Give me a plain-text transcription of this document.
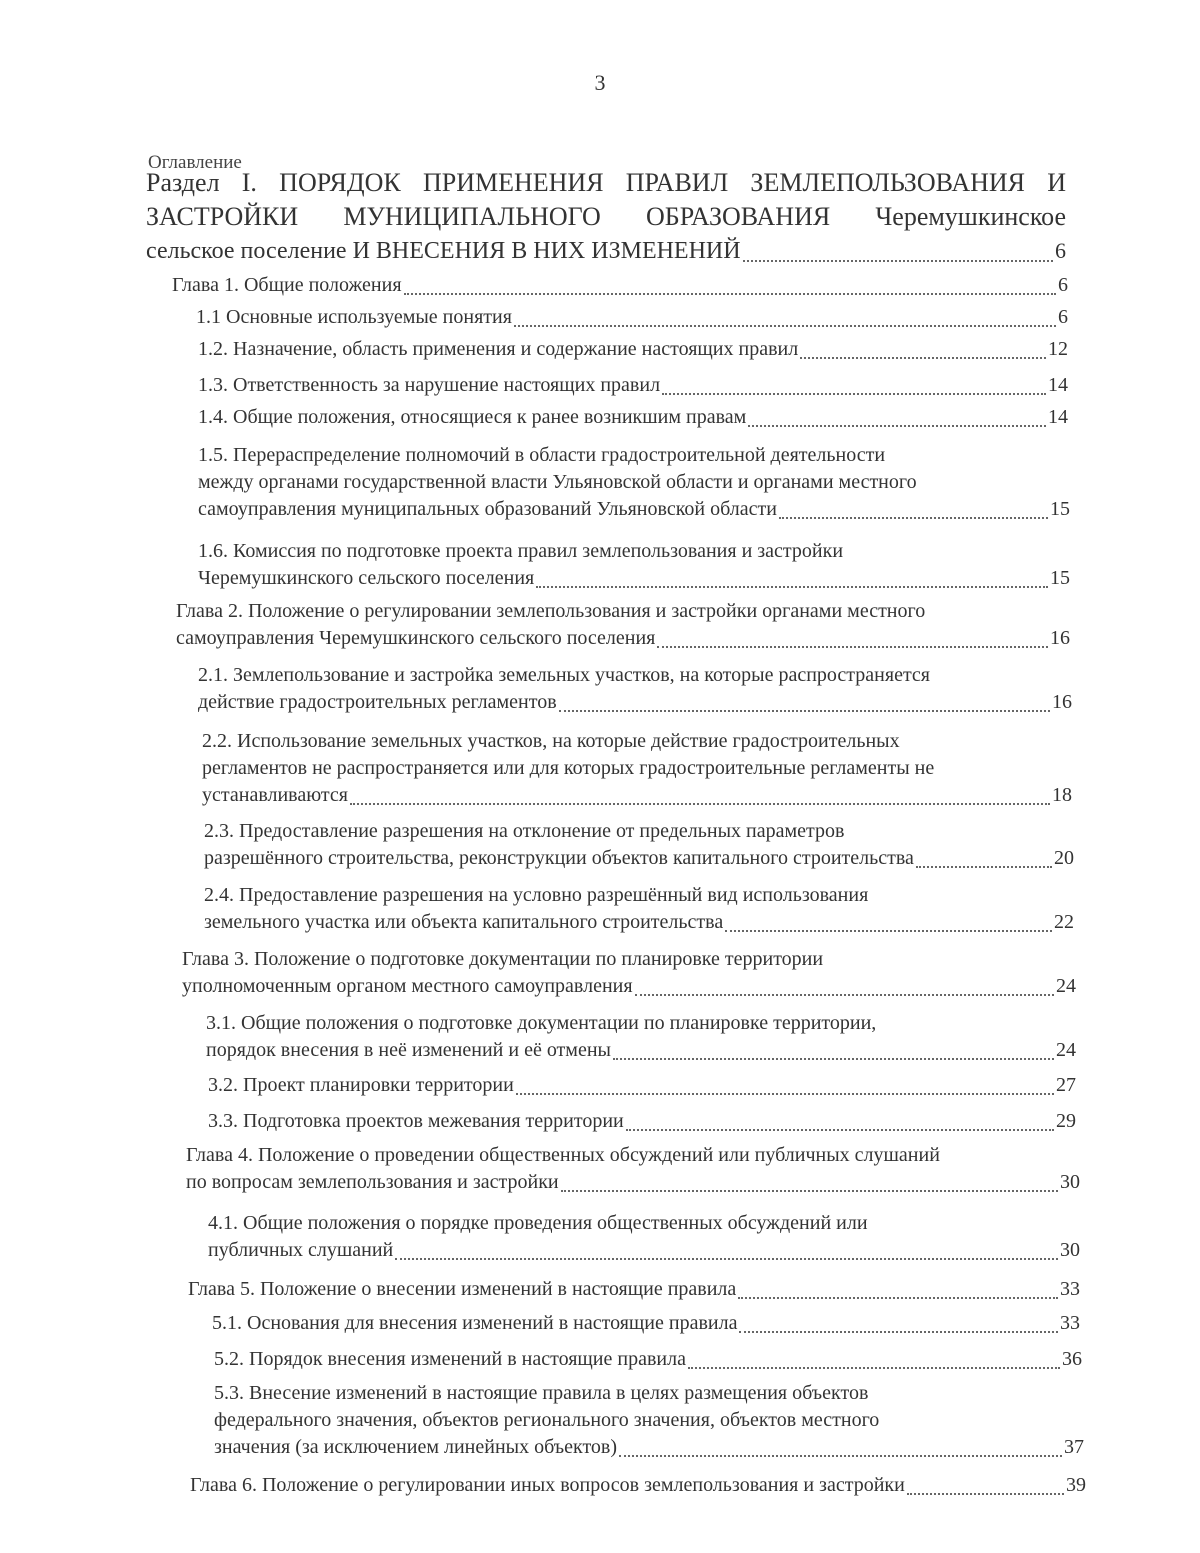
3
Оглавление
Раздел I. ПОРЯДОК ПРИМЕНЕНИЯ ПРАВИЛ ЗЕМЛЕПОЛЬЗОВАНИЯ И
ЗАСТРОЙКИ МУНИЦИПАЛЬНОГО ОБРАЗОВАНИЯ Черемушкинское
сельское поселение И ВНЕСЕНИЯ В НИХ ИЗМЕНЕНИЙ	6
Глава 1. Общие положения	6
1.1 Основные используемые понятия	6
1.2. Назначение, область применения и содержание настоящих правил	12
1.3. Ответственность за нарушение настоящих правил	14
1.4. Общие положения, относящиеся к ранее возникшим правам	14
1.5. Перераспределение полномочий в области градостроительной деятельности
между органами государственной власти Ульяновской области и органами местного
самоуправления муниципальных образований Ульяновской области	15
1.6. Комиссия по подготовке проекта правил землепользования и застройки
Черемушкинского сельского поселения	15
Глава 2. Положение о регулировании землепользования и застройки органами местного
самоуправления Черемушкинского сельского поселения	16
2.1. Землепользование и застройка земельных участков, на которые распространяется
действие градостроительных регламентов	16
2.2. Использование земельных участков, на которые действие градостроительных
регламентов не распространяется или для которых градостроительные регламенты не
устанавливаются	18
2.3. Предоставление разрешения на отклонение от предельных параметров
разрешённого строительства, реконструкции объектов капитального строительства	20
2.4. Предоставление разрешения на условно разрешённый вид использования
земельного участка или объекта капитального строительства	22
Глава 3. Положение о подготовке документации по планировке территории
уполномоченным органом местного самоуправления	24
3.1. Общие положения о подготовке документации по планировке территории,
порядок внесения в неё изменений и её отмены	24
3.2. Проект планировки территории	27
3.3. Подготовка проектов межевания территории	29
Глава 4. Положение о проведении общественных обсуждений или публичных слушаний
по вопросам землепользования и застройки	30
4.1. Общие положения о порядке проведения общественных обсуждений или
публичных слушаний	30
Глава 5. Положение о внесении изменений в настоящие правила	33
5.1. Основания для внесения изменений в настоящие правила	33
5.2. Порядок внесения изменений в настоящие правила	36
5.3. Внесение изменений в настоящие правила в целях размещения объектов
федерального значения, объектов регионального значения, объектов местного
значения (за исключением линейных объектов)	37
Глава 6. Положение о регулировании иных вопросов землепользования и застройки	39
